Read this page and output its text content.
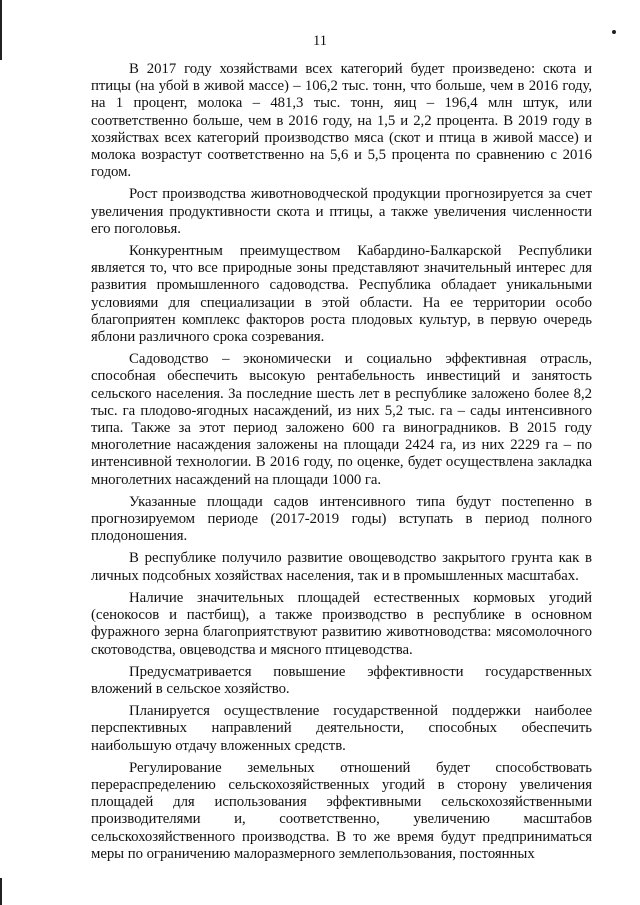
11

В 2017 году хозяйствами всех категорий будет произведено: скота и птицы (на убой в живой массе) – 106,2 тыс. тонн, что больше, чем в 2016 году, на 1 процент, молока – 481,3 тыс. тонн, яиц – 196,4 млн штук, или соответственно больше, чем в 2016 году, на 1,5 и 2,2 процента. В 2019 году в хозяйствах всех категорий производство мяса (скот и птица в живой массе) и молока возрастут соответственно на 5,6 и 5,5 процента по сравнению с 2016 годом.

Рост производства животноводческой продукции прогнозируется за счет увеличения продуктивности скота и птицы, а также увеличения численности его поголовья.

Конкурентным преимуществом Кабардино-Балкарской Республики является то, что все природные зоны представляют значительный интерес для развития промышленного садоводства. Республика обладает уникальными условиями для специализации в этой области. На ее территории особо благоприятен комплекс факторов роста плодовых культур, в первую очередь яблони различного срока созревания.

Садоводство – экономически и социально эффективная отрасль, способная обеспечить высокую рентабельность инвестиций и занятость сельского населения. За последние шесть лет в республике заложено более 8,2 тыс. га плодово-ягодных насаждений, из них 5,2 тыс. га – сады интенсивного типа. Также за этот период заложено 600 га виноградников. В 2015 году многолетние насаждения заложены на площади 2424 га, из них 2229 га – по интенсивной технологии. В 2016 году, по оценке, будет осуществлена закладка многолетних насаждений на площади 1000 га.

Указанные площади садов интенсивного типа будут постепенно в прогнозируемом периоде (2017-2019 годы) вступать в период полного плодоношения.

В республике получило развитие овощеводство закрытого грунта как в личных подсобных хозяйствах населения, так и в промышленных масштабах.

Наличие значительных площадей естественных кормовых угодий (сенокосов и пастбищ), а также производство в республике в основном фуражного зерна благоприятствуют развитию животноводства: мясомолочного скотоводства, овцеводства и мясного птицеводства.

Предусматривается повышение эффективности государственных вложений в сельское хозяйство.

Планируется осуществление государственной поддержки наиболее перспективных направлений деятельности, способных обеспечить наибольшую отдачу вложенных средств.

Регулирование земельных отношений будет способствовать перераспределению сельскохозяйственных угодий в сторону увеличения площадей для использования эффективными сельскохозяйственными производителями и, соответственно, увеличению масштабов сельскохозяйственного производства. В то же время будут предприниматься меры по ограничению малоразмерного землепользования, постоянных
